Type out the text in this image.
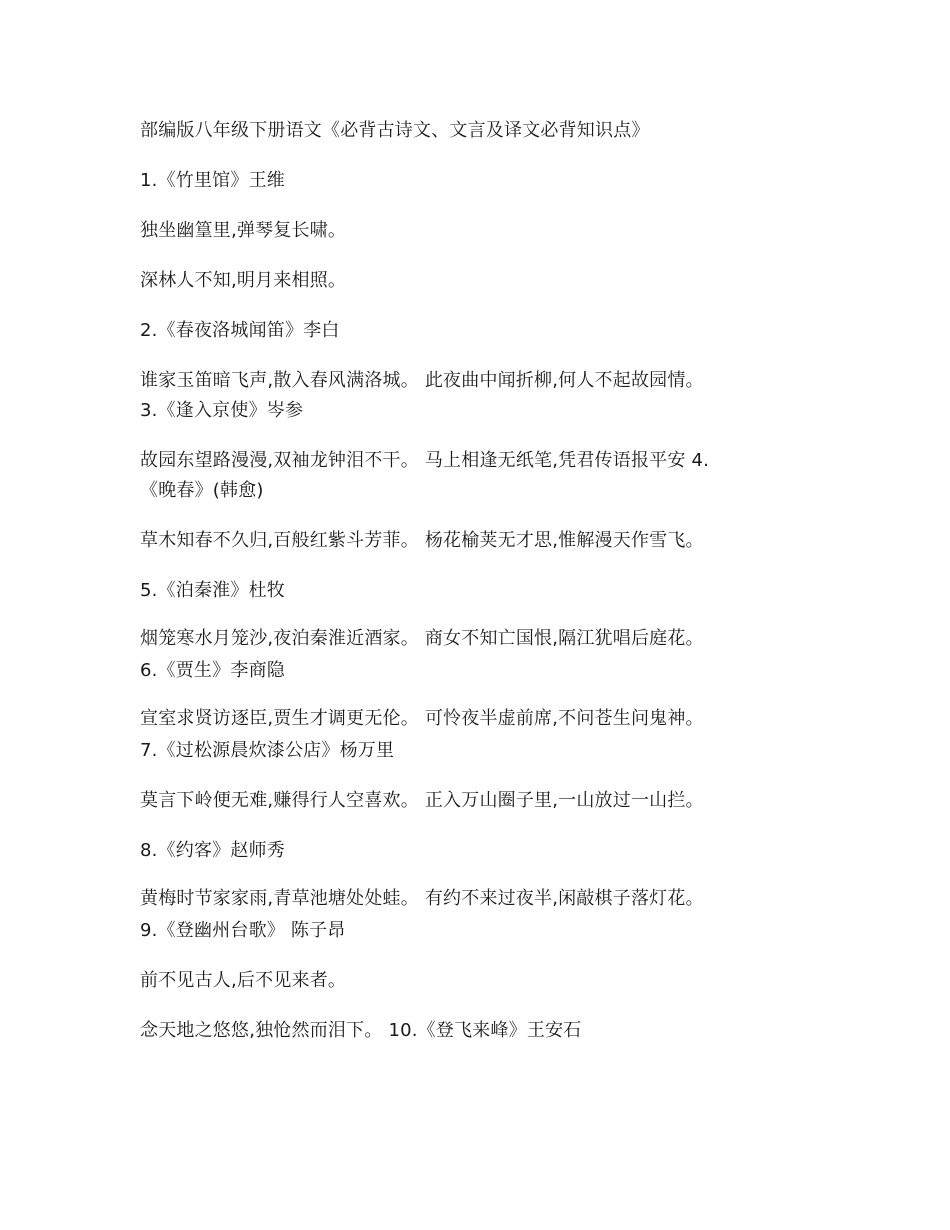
部编版八年级下册语文《必背古诗文、文言及译文必背知识点》
1.《竹里馆》王维
独坐幽篁里,弹琴复长啸。
深林人不知,明月来相照。
2.《春夜洛城闻笛》李白
谁家玉笛暗飞声,散入春风满洛城。 此夜曲中闻折柳,何人不起故园情。
3.《逢入京使》岑参
故园东望路漫漫,双袖龙钟泪不干。 马上相逢无纸笔,凭君传语报平安 4.
《晚春》(韩愈)
草木知春不久归,百般红紫斗芳菲。 杨花榆荚无才思,惟解漫天作雪飞。
5.《泊秦淮》杜牧
烟笼寒水月笼沙,夜泊秦淮近酒家。 商女不知亡国恨,隔江犹唱后庭花。
6.《贾生》李商隐
宣室求贤访逐臣,贾生才调更无伦。 可怜夜半虚前席,不问苍生问鬼神。
7.《过松源晨炊漆公店》杨万里
莫言下岭便无难,赚得行人空喜欢。 正入万山圈子里,一山放过一山拦。
8.《约客》赵师秀
黄梅时节家家雨,青草池塘处处蛙。 有约不来过夜半,闲敲棋子落灯花。
9.《登幽州台歌》 陈子昂
前不见古人,后不见来者。
念天地之悠悠,独怆然而泪下。 10.《登飞来峰》王安石
